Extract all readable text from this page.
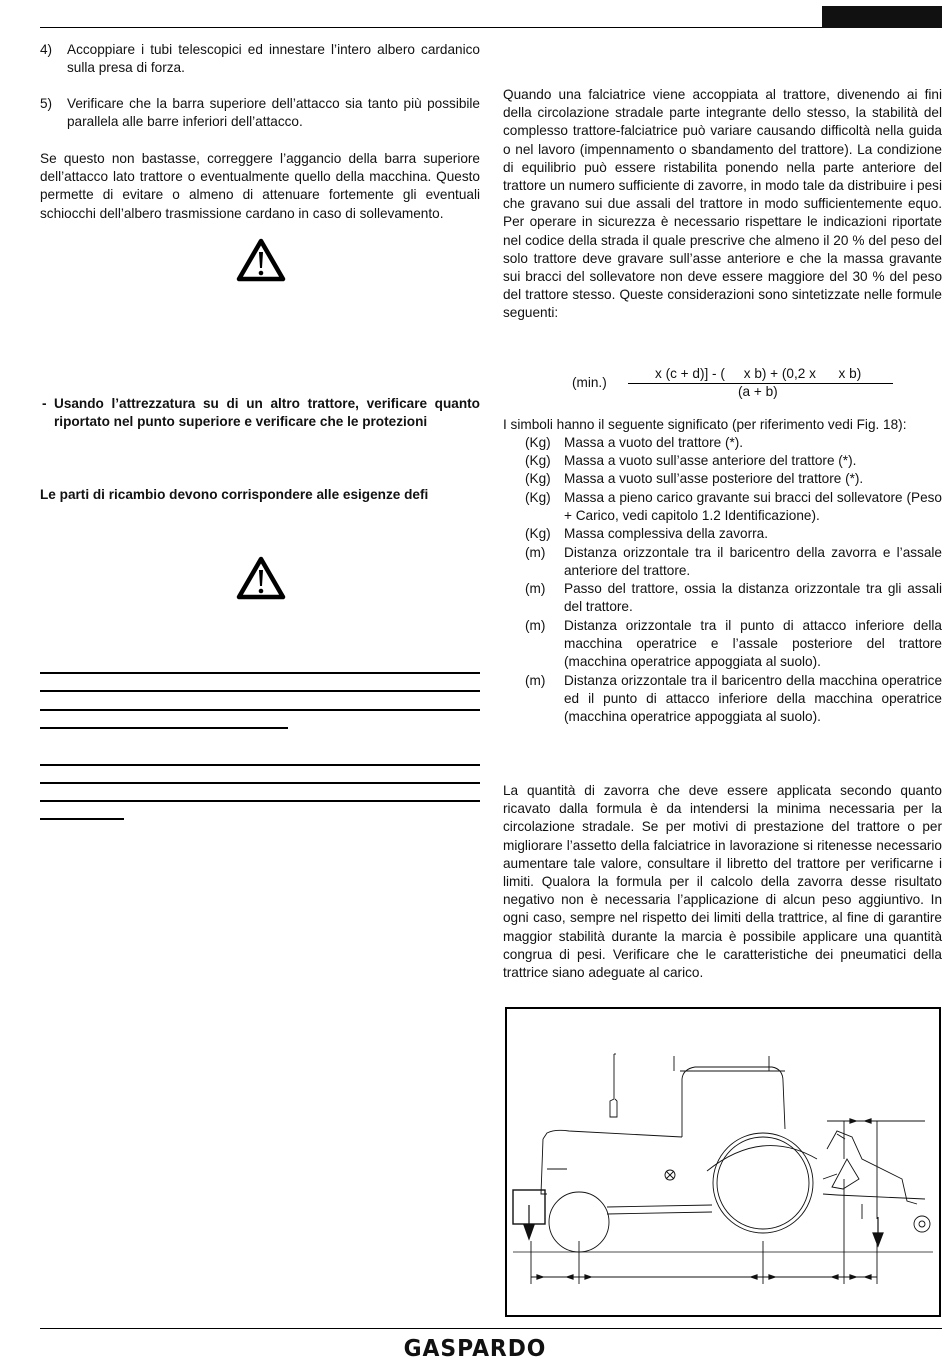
4) Accoppiare i tubi telescopici ed innestare l’intero albero cardanico sulla presa di forza.

5) Verificare che la barra superiore dell’attacco sia tanto più possibile parallela alle barre inferiori dell’attacco.

Se questo non bastasse, correggere l’aggancio della barra superiore dell’attacco lato trattore o eventualmente quello della macchina. Questo permette di evitare o almeno di attenuare fortemente gli eventuali schiocchi dell’albero trasmissione cardano in caso di sollevamento.

- Usando l’attrezzatura su di un altro trattore, verificare quanto riportato nel punto superiore e verificare che le protezioni

Le parti di ricambio devono corrispondere alle esigenze defi

Quando una falciatrice viene accoppiata al trattore, divenendo ai fini della circolazione stradale parte integrante dello stesso, la stabilità del complesso trattore-falciatrice può variare causando difficoltà nella guida o nel lavoro (impennamento o sbandamento del trattore). La condizione di equilibrio può essere ristabilita ponendo nella parte anteriore del trattore un numero sufficiente di zavorre, in modo tale da distribuire i pesi che gravano sui due assali del trattore in modo sufficientemente equo. Per operare in sicurezza è necessario rispettare le indicazioni riportate nel codice della strada il quale prescrive che almeno il 20 % del peso del solo trattore deve gravare sull’asse anteriore e che la massa gravante sui bracci del sollevatore non deve essere maggiore del 30 % del peso del trattore stesso. Queste considerazioni sono sintetizzate nelle formule seguenti:

(min.)
x (c + d)] - (     x b) + (0,2 x      x b)
(a + b)

I simboli hanno il seguente significato (per riferimento vedi Fig. 18):

(Kg) Massa a vuoto del trattore (*).

(Kg) Massa a vuoto sull’asse anteriore del trattore (*).

(Kg) Massa a vuoto sull’asse posteriore del trattore (*).

(Kg) Massa a pieno carico gravante sui bracci del sollevatore (Peso + Carico, vedi capitolo 1.2 Identificazione).

(Kg) Massa complessiva della zavorra.

(m) Distanza orizzontale tra il baricentro della zavorra e l’assale anteriore del trattore.

(m) Passo del trattore, ossia la distanza orizzontale tra gli assali del trattore.

(m) Distanza orizzontale tra il punto di attacco inferiore della macchina operatrice e l’assale posteriore del trattore (macchina operatrice appoggiata al suolo).

(m) Distanza orizzontale tra il baricentro della macchina operatrice ed il punto di attacco inferiore della macchina operatrice (macchina operatrice appoggiata al suolo).

La quantità di zavorra che deve essere applicata secondo quanto ricavato dalla formula è da intendersi la minima necessaria per la circolazione stradale. Se per motivi di prestazione del trattore o per migliorare l’assetto della falciatrice in lavorazione si ritenesse necessario aumentare tale valore, consultare il libretto del trattore per verificarne i limiti. Qualora la formula per il calcolo della zavorra desse risultato negativo non è necessaria l’applicazione di alcun peso aggiuntivo. In ogni caso, sempre nel rispetto dei limiti della trattrice, al fine di garantire maggior stabilità durante la marcia è possibile applicare una quantità congrua di pesi. Verificare che le caratteristiche dei pneumatici della trattrice siano adeguate al carico.

GASPARDO
